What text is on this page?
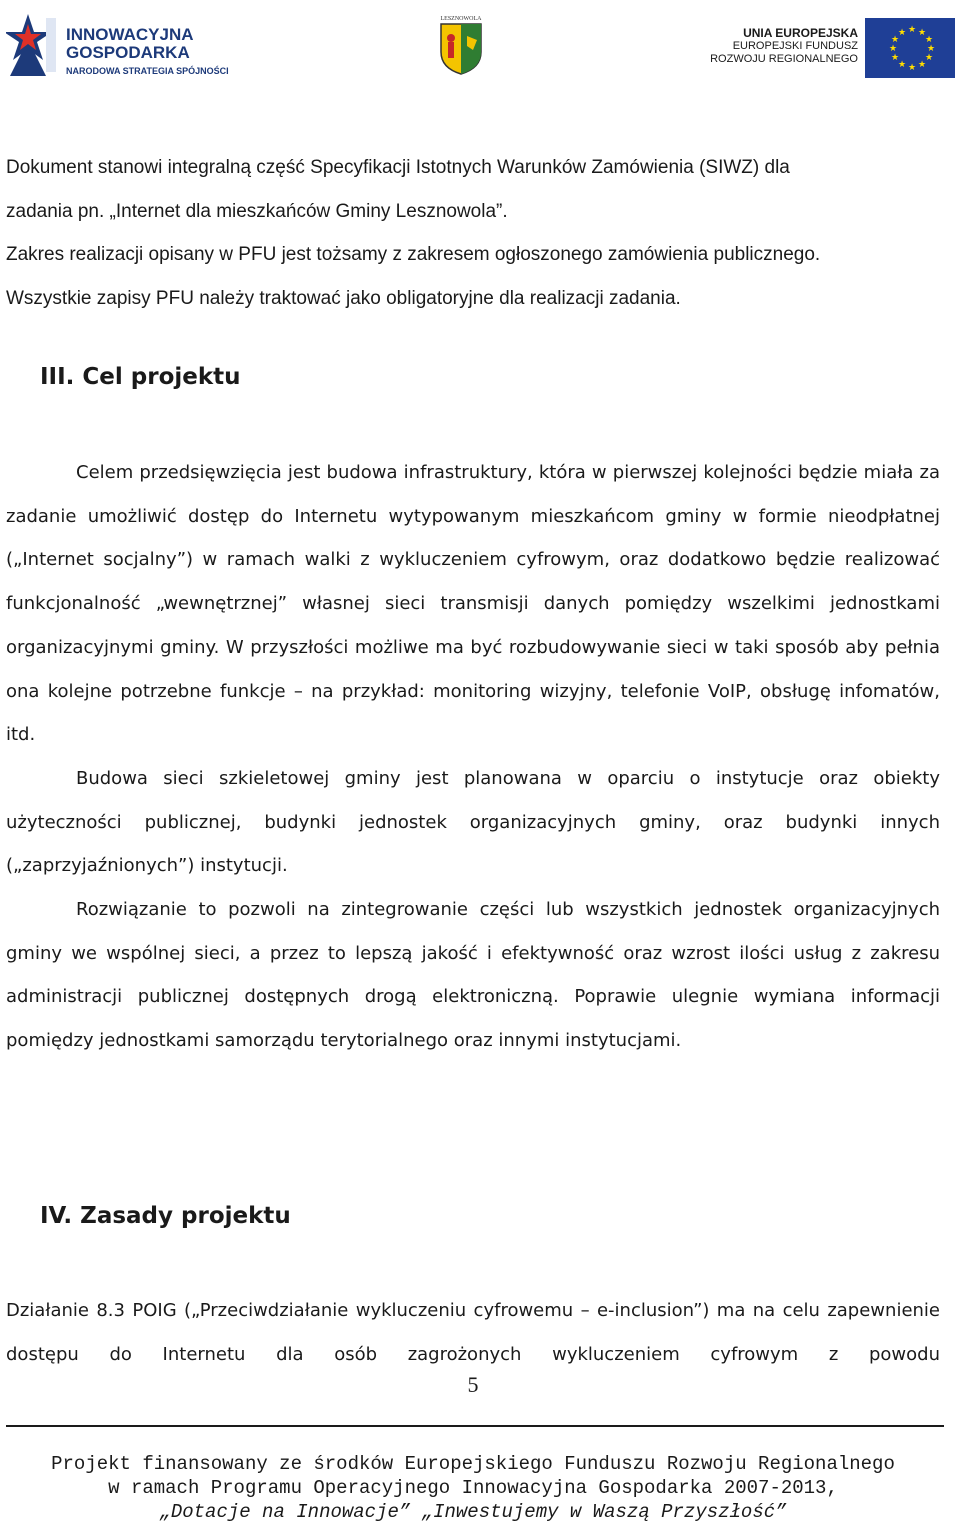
INNOWACYJNA
GOSPODARKA
NARODOWA STRATEGIA SPÓJNOŚCI
LESZNOWOLA
UNIA EUROPEJSKA
EUROPEJSKI FUNDUSZ
ROZWOJU REGIONALNEGO
★ ★
★
★
★
★
★
★
★
★
★
★

Dokument stanowi integralną część Specyfikacji Istotnych Warunków Zamówienia (SIWZ) dla

zadania pn. „Internet dla mieszkańców Gminy Lesznowola”.

Zakres realizacji opisany w PFU jest tożsamy z zakresem ogłoszonego zamówienia publicznego.

Wszystkie zapisy PFU należy traktować jako obligatoryjne dla realizacji zadania.

III. Cel projektu

Celem przedsięwzięcia jest budowa infrastruktury, która w pierwszej kolejności będzie miała za zadanie umożliwić dostęp do Internetu wytypowanym mieszkańcom gminy w formie nieodpłatnej („Internet socjalny”) w ramach walki z wykluczeniem cyfrowym, oraz dodatkowo będzie realizować funkcjonalność „wewnętrznej” własnej sieci transmisji danych pomiędzy wszelkimi jednostkami organizacyjnymi gminy. W przyszłości możliwe ma być rozbudowywanie sieci w taki sposób aby pełnia ona kolejne potrzebne funkcje – na przykład: monitoring wizyjny, telefonie VoIP, obsługę infomatów, itd.

Budowa sieci szkieletowej gminy jest planowana w oparciu o instytucje oraz obiekty użyteczności publicznej, budynki jednostek organizacyjnych gminy, oraz budynki innych („zaprzyjaźnionych”) instytucji.

Rozwiązanie to pozwoli na zintegrowanie części lub wszystkich jednostek organizacyjnych gminy we wspólnej sieci, a przez to lepszą jakość i efektywność oraz wzrost ilości usług z zakresu administracji publicznej dostępnych drogą elektroniczną. Poprawie ulegnie wymiana informacji pomiędzy jednostkami samorządu terytorialnego oraz innymi instytucjami.

IV. Zasady projektu
Działanie 8.3 POIG („Przeciwdziałanie wykluczeniu cyfrowemu – e-inclusion”) ma na celu zapewnienie dostępu do Internetu dla osób zagrożonych wykluczeniem cyfrowym z powodu
5
Projekt finansowany ze środków Europejskiego Funduszu Rozwoju Regionalnego
w ramach Programu Operacyjnego Innowacyjna Gospodarka 2007-2013,
„Dotacje na Innowacje” „Inwestujemy w Waszą Przyszłość”
